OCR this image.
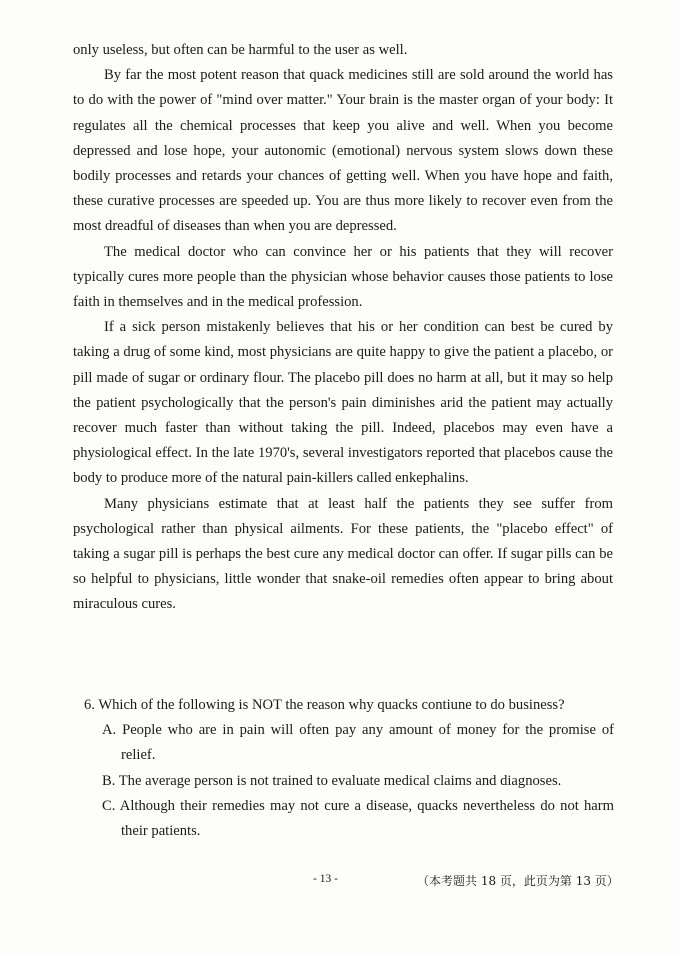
only useless, but often can be harmful to the user as well.

By far the most potent reason that quack medicines still are sold around the world has to do with the power of "mind over matter." Your brain is the master organ of your body: It regulates all the chemical processes that keep you alive and well. When you become depressed and lose hope, your autonomic (emotional) nervous system slows down these bodily processes and retards your chances of getting well. When you have hope and faith, these curative processes are speeded up. You are thus more likely to recover even from the most dreadful of diseases than when you are depressed.

The medical doctor who can convince her or his patients that they will recover typically cures more people than the physician whose behavior causes those patients to lose faith in themselves and in the medical profession.

If a sick person mistakenly believes that his or her condition can best be cured by taking a drug of some kind, most physicians are quite happy to give the patient a placebo, or pill made of sugar or ordinary flour. The placebo pill does no harm at all, but it may so help the patient psychologically that the person's pain diminishes arid the patient may actually recover much faster than without taking the pill. Indeed, placebos may even have a physiological effect. In the late 1970's, several investigators reported that placebos cause the body to produce more of the natural pain-killers called enkephalins.

Many physicians estimate that at least half the patients they see suffer from psychological rather than physical ailments. For these patients, the "placebo effect" of taking a sugar pill is perhaps the best cure any medical doctor can offer. If sugar pills can be so helpful to physicians, little wonder that snake-oil remedies often appear to bring about miraculous cures.

6. Which of the following is NOT the reason why quacks contiune to do business?

A. People who are in pain will often pay any amount of money for the promise of relief.

B. The average person is not trained to evaluate medical claims and diagnoses.

C. Although their remedies may not cure a disease, quacks nevertheless do not harm their patients.

- 13 -	（本考题共 18 页，此页为第 13 页）
